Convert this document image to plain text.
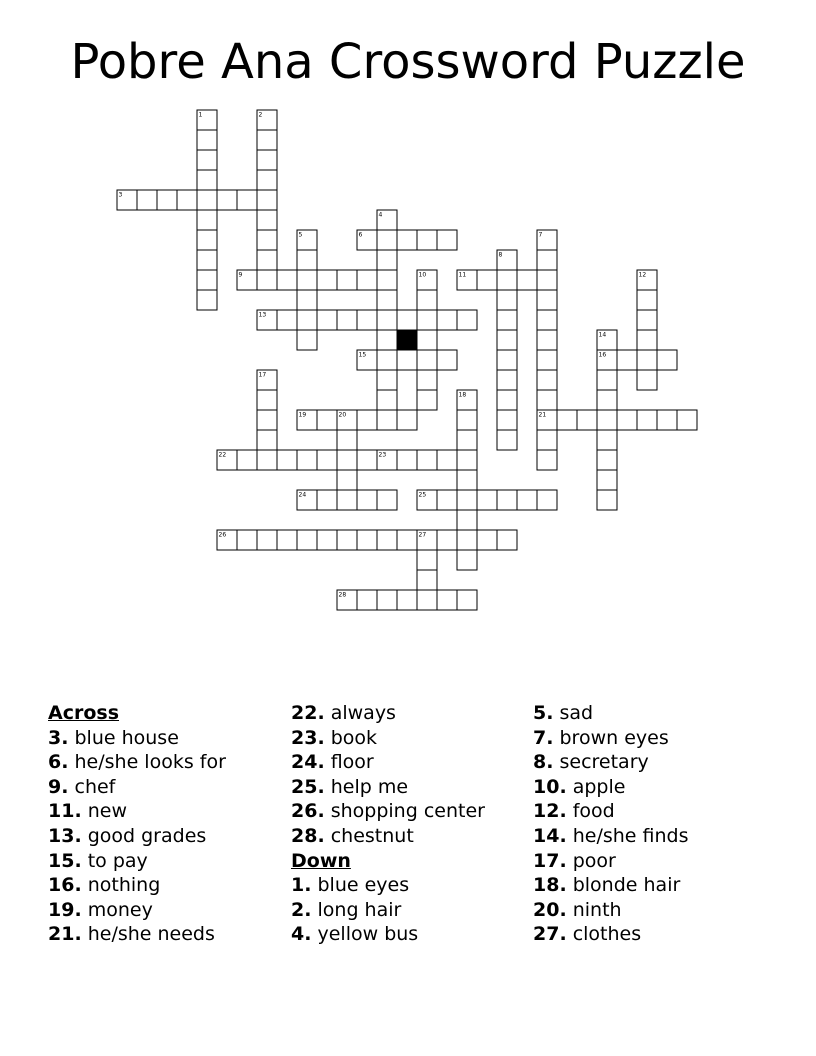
Pobre Ana Crossword Puzzle
1	2
3
4
5	6	7
8
9	10	11	12
13
14
15	16
17
18
19	20	21
22	23
24	25
26	27
28
Across
3. blue house
6. he/she looks for
9. chef
11. new
13. good grades
15. to pay
16. nothing
19. money
21. he/she needs
22. always
23. book
24. floor
25. help me
26. shopping center
28. chestnut
Down
1. blue eyes
2. long hair
4. yellow bus
5. sad
7. brown eyes
8. secretary
10. apple
12. food
14. he/she finds
17. poor
18. blonde hair
20. ninth
27. clothes
